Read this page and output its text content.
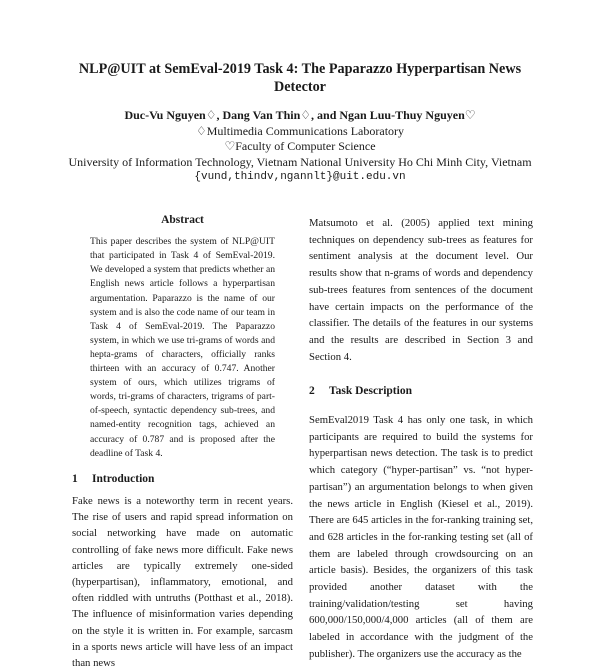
NLP@UIT at SemEval-2019 Task 4: The Paparazzo Hyperpartisan News Detector
Duc-Vu Nguyen♢, Dang Van Thin♢, and Ngan Luu-Thuy Nguyen♡
♢Multimedia Communications Laboratory
♡Faculty of Computer Science
University of Information Technology, Vietnam National University Ho Chi Minh City, Vietnam
{vund,thindv,ngannlt}@uit.edu.vn
Abstract

This paper describes the system of NLP@UIT that participated in Task 4 of SemEval-2019. We developed a system that predicts whether an English news article follows a hyperpartisan argumentation. Paparazzo is the name of our system and is also the code name of our team in Task 4 of SemEval-2019. The Paparazzo system, in which we use tri-grams of words and hepta-grams of characters, officially ranks thirteen with an accuracy of 0.747. Another system of ours, which utilizes trigrams of words, tri-grams of characters, trigrams of part-of-speech, syntactic dependency sub-trees, and named-entity recognition tags, achieved an accuracy of 0.787 and is proposed after the deadline of Task 4.

1 Introduction

Fake news is a noteworthy term in recent years. The rise of users and rapid spread information on social networking have made on automatic controlling of fake news more difficult. Fake news articles are typically extremely one-sided (hyperpartisan), inflammatory, emotional, and often riddled with untruths (Potthast et al., 2018). The influence of misinformation varies depending on the style it is written in. For example, sarcasm in a sports news article will have less of an impact than news

Matsumoto et al. (2005) applied text mining techniques on dependency sub-trees as features for sentiment analysis at the document level. Our results show that n-grams of words and dependency sub-trees features from sentences of the document have certain impacts on the performance of the classifier. The details of the features in our systems and the results are described in Section 3 and Section 4.

2 Task Description

SemEval2019 Task 4 has only one task, in which participants are required to build the systems for hyperpartisan news detection. The task is to predict which category (“hyper-partisan” vs. “not hyper-partisan”) an argumentation belongs to when given the news article in English (Kiesel et al., 2019). There are 645 articles in the for-ranking training set, and 628 articles in the for-ranking testing set (all of them are labeled through crowdsourcing on an article basis). Besides, the organizers of this task provided another dataset with the training/validation/testing set having 600,000/150,000/4,000 articles (all of them are labeled in accordance with the judgment of the publisher). The organizers use the accuracy as the
